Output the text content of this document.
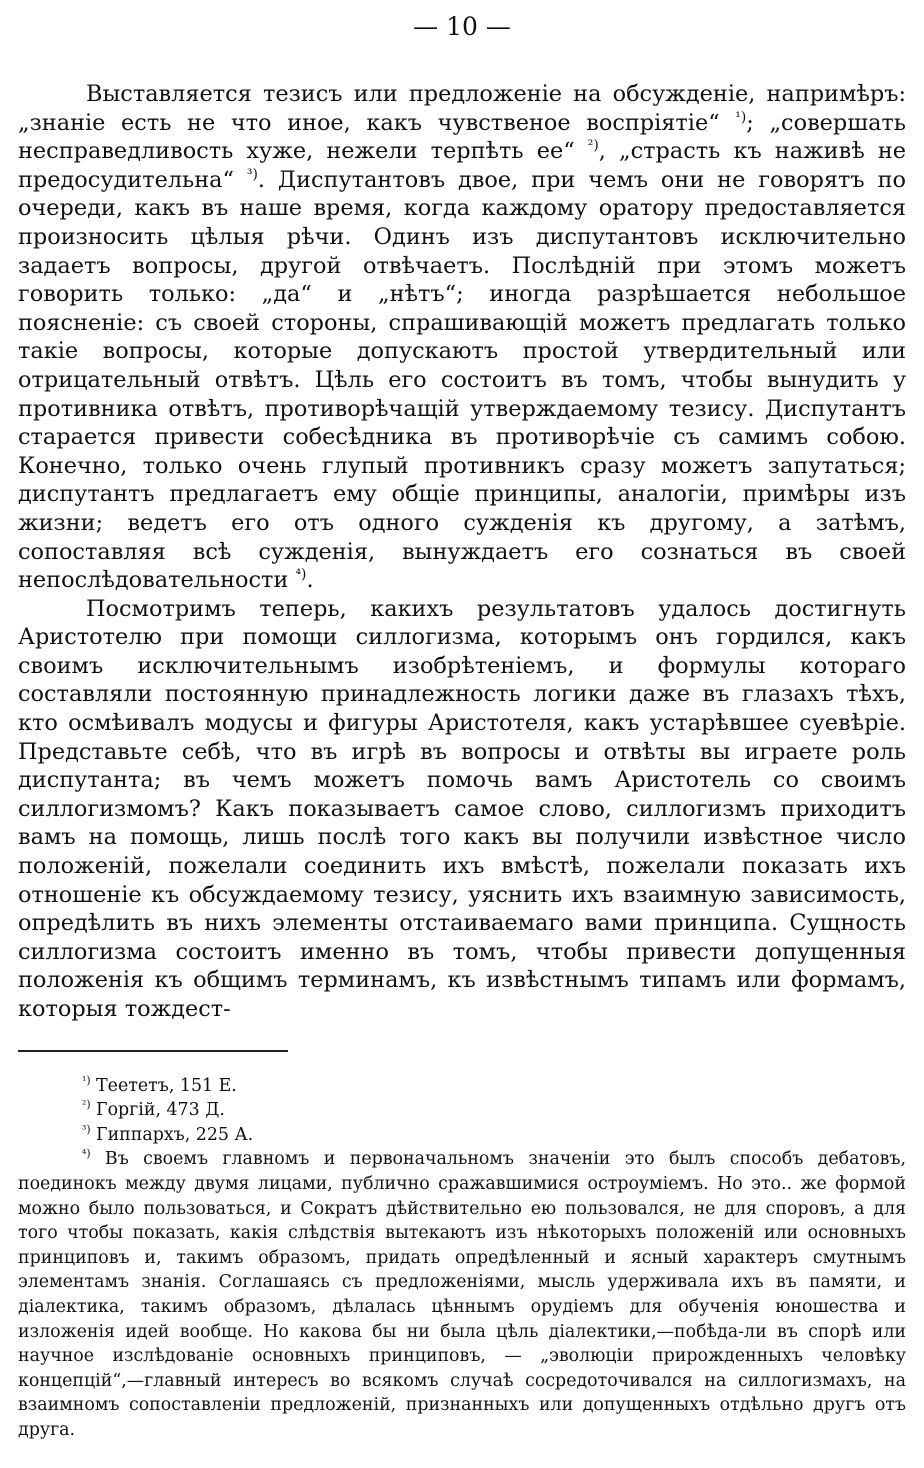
— 10 —

Выставляется тезисъ или предложеніе на обсужденіе, напримѣръ: „знаніе есть не что иное, какъ чувственое воспріятіе“ $^{^1)}$; „совершать несправедливость хуже, нежели терпѣть ее“ $^{^2)}$, „страсть къ наживѣ не предосудительна“ $^{^3)}$. Диспутантовъ двое, при чемъ они не говорятъ по очереди, какъ въ наше время, когда каждому оратору предоставляется произносить цѣлыя рѣчи. Одинъ изъ диспутантовъ исключительно задаетъ вопросы, другой отвѣчаетъ. Послѣдній при этомъ можетъ говорить только: „да“ и „нѣтъ“; иногда разрѣшается небольшое поясненіе: съ своей стороны, спрашивающій можетъ предлагать только такіе вопросы, которые допускаютъ простой утвердительный или отрицательный отвѣтъ. Цѣль его состоитъ въ томъ, чтобы вынудить у противника отвѣтъ, противорѣчащій утверждаемому тезису. Диспутантъ старается привести собесѣдника въ противорѣчіе съ самимъ собою. Конечно, только очень глупый противникъ сразу можетъ запутаться; диспутантъ предлагаетъ ему общіе принципы, аналогіи, примѣры изъ жизни; ведетъ его отъ одного сужденія къ другому, а затѣмъ, сопоставляя всѣ сужденія, вынуждаетъ его сознаться въ своей непослѣдовательности $^{^4)}$.

Посмотримъ теперь, какихъ результатовъ удалось достигнуть Аристотелю при помощи силлогизма, которымъ онъ гордился, какъ своимъ исключительнымъ изобрѣтеніемъ, и формулы котораго составляли постоянную принадлежность логики даже въ глазахъ тѣхъ, кто осмѣивалъ модусы и фигуры Аристотеля, какъ устарѣвшее суевѣріе. Представьте себѣ, что въ игрѣ въ вопросы и отвѣты вы играете роль диспутанта; въ чемъ можетъ помочь вамъ Аристотель со своимъ силлогизмомъ? Какъ показываетъ самое слово, силлогизмъ приходитъ вамъ на помощь, лишь послѣ того какъ вы получили извѣстное число положеній, пожелали соединить ихъ вмѣстѣ, пожелали показать ихъ отношеніе къ обсуждаемому тезису, уяснить ихъ взаимную зависимость, опредѣлить въ нихъ элементы отстаиваемаго вами принципа. Сущность силлогизма состоитъ именно въ томъ, чтобы привести допущенныя положенія къ общимъ терминамъ, къ извѣстнымъ типамъ или формамъ, которыя тождест-

$^{^1)}$ Теететъ, 151 Е.

$^{^2)}$ Горгій, 473 Д.

$^{^3)}$ Гиппархъ, 225 А.

$^{^4)}$ Въ своемъ главномъ и первоначальномъ значеніи это былъ способъ дебатовъ, поединокъ между двумя лицами, публично сражавшимися остроуміемъ. Но это.. же формой можно было пользоваться, и Сократъ дѣйствительно ею пользовался, не для споровъ, а для того чтобы показать, какія слѣдствія вытекаютъ изъ нѣкоторыхъ положеній или основныхъ принциповъ и, такимъ образомъ, придать опредѣленный и ясный характеръ смутнымъ элементамъ знанія. Соглашаясь съ предложеніями, мысль удерживала ихъ въ памяти, и діалектика, такимъ образомъ, дѣлалась цѣннымъ орудіемъ для обученія юношества и изложенія идей вообще. Но какова бы ни была цѣль діалектики,—побѣда-ли въ спорѣ или научное изслѣдованіе основныхъ принциповъ, — „эволюціи прирожденныхъ человѣку концепцій“,—главный интересъ во всякомъ случаѣ сосредоточивался на силлогизмахъ, на взаимномъ сопоставленіи предложеній, признанныхъ или допущенныхъ отдѣльно другъ отъ друга.
